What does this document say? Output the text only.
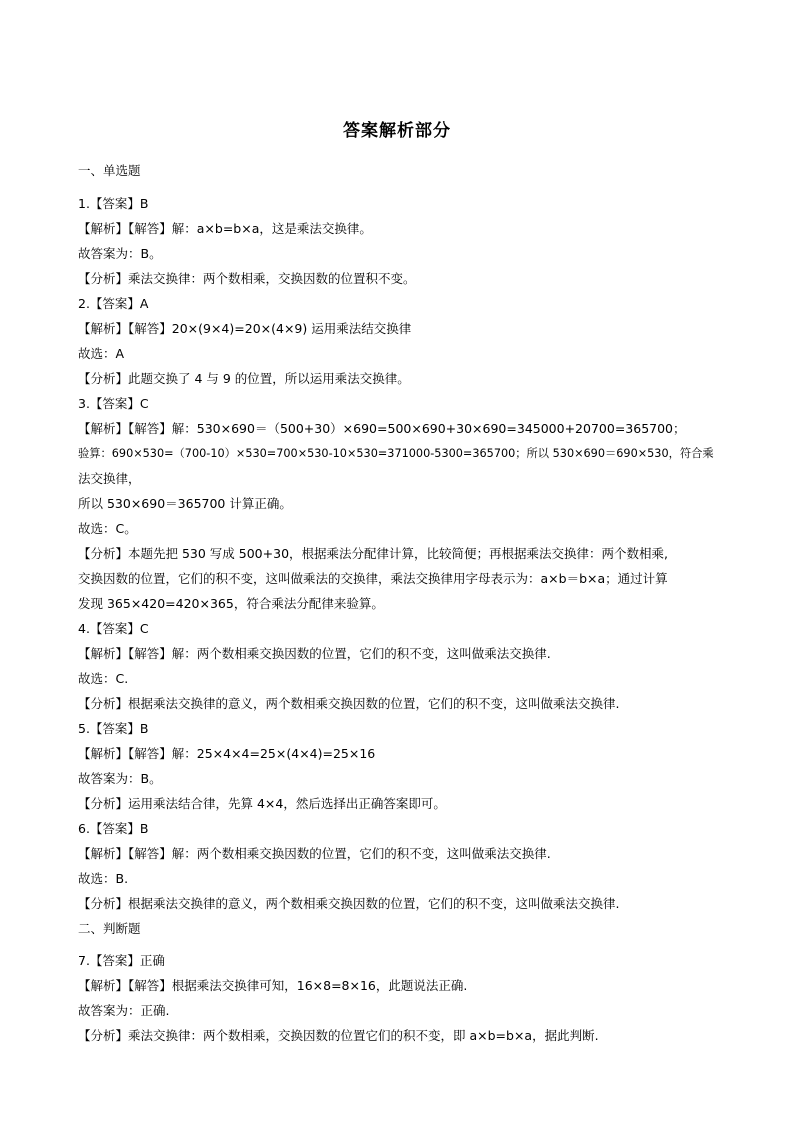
答案解析部分
一、单选题
1.【答案】B
【解析】【解答】解：a×b=b×a，这是乘法交换律。
故答案为：B。
【分析】乘法交换律：两个数相乘，交换因数的位置积不变。
2.【答案】A
【解析】【解答】20×(9×4)=20×(4×9) 运用乘法结交换律
故选：A
【分析】此题交换了 4 与 9 的位置，所以运用乘法交换律。
3.【答案】C
【解析】【解答】解：530×690＝（500+30）×690=500×690+30×690=345000+20700=365700；
验算：690×530=（700-10）×530=700×530-10×530=371000-5300=365700；所以 530×690＝690×530，符合乘
法交换律，
所以 530×690＝365700 计算正确。
故选：C。
【分析】本题先把 530 写成 500+30，根据乘法分配律计算，比较简便；再根据乘法交换律：两个数相乘,
交换因数的位置，它们的积不变，这叫做乘法的交换律，乘法交换律用字母表示为：a×b＝b×a；通过计算
发现 365×420=420×365，符合乘法分配律来验算。
4.【答案】C
【解析】【解答】解：两个数相乘交换因数的位置，它们的积不变，这叫做乘法交换律.
故选：C.
【分析】根据乘法交换律的意义，两个数相乘交换因数的位置，它们的积不变，这叫做乘法交换律.
5.【答案】B
【解析】【解答】解：25×4×4=25×(4×4)=25×16
故答案为：B。
【分析】运用乘法结合律，先算 4×4，然后选择出正确答案即可。
6.【答案】B
【解析】【解答】解：两个数相乘交换因数的位置，它们的积不变，这叫做乘法交换律.
故选：B.
【分析】根据乘法交换律的意义，两个数相乘交换因数的位置，它们的积不变，这叫做乘法交换律.
二、判断题
7.【答案】正确
【解析】【解答】根据乘法交换律可知，16×8=8×16，此题说法正确.
故答案为：正确.
【分析】乘法交换律：两个数相乘，交换因数的位置它们的积不变，即 a×b=b×a，据此判断.
